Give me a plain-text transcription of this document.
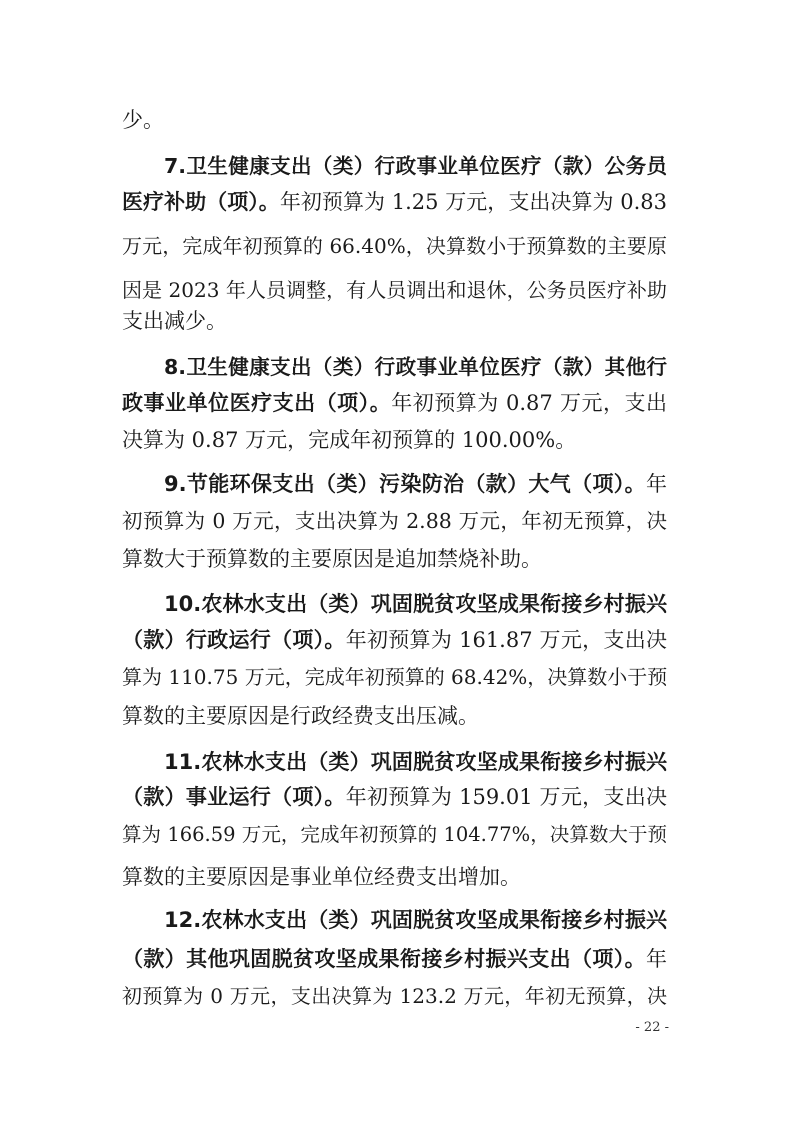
少。
7.卫生健康支出（类）行政事业单位医疗（款）公务员
医疗补助（项）。年初预算为 1.25 万元，支出决算为 0.83
万元，完成年初预算的 66.40%，决算数小于预算数的主要原
因是 2023 年人员调整，有人员调出和退休，公务员医疗补助
支出减少。
8.卫生健康支出（类）行政事业单位医疗（款）其他行
政事业单位医疗支出（项）。年初预算为 0.87 万元，支出
决算为 0.87 万元，完成年初预算的 100.00%。
9.节能环保支出（类）污染防治（款）大气（项）。年
初预算为 0 万元，支出决算为 2.88 万元，年初无预算，决
算数大于预算数的主要原因是追加禁烧补助。
10.农林水支出（类）巩固脱贫攻坚成果衔接乡村振兴
（款）行政运行（项）。年初预算为 161.87 万元，支出决
算为 110.75 万元，完成年初预算的 68.42%，决算数小于预
算数的主要原因是行政经费支出压减。
11.农林水支出（类）巩固脱贫攻坚成果衔接乡村振兴
（款）事业运行（项）。年初预算为 159.01 万元，支出决
算为 166.59 万元，完成年初预算的 104.77%，决算数大于预
算数的主要原因是事业单位经费支出增加。
12.农林水支出（类）巩固脱贫攻坚成果衔接乡村振兴
（款）其他巩固脱贫攻坚成果衔接乡村振兴支出（项）。年
初预算为 0 万元，支出决算为 123.2 万元，年初无预算，决
- 22 -
